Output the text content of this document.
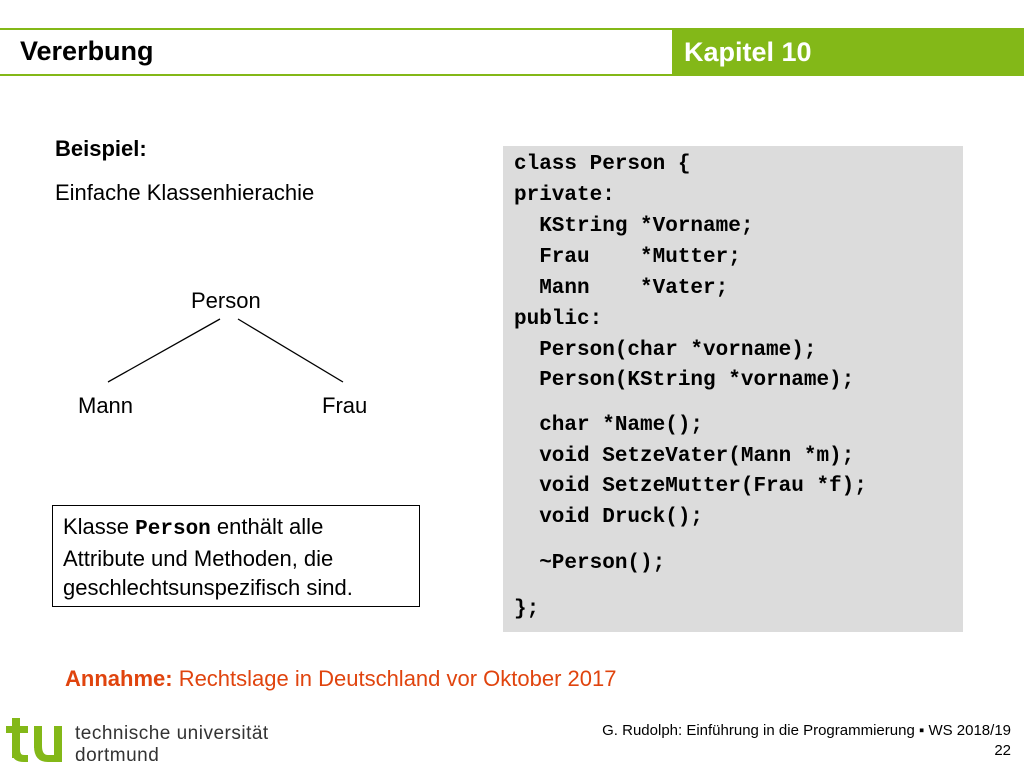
Vererbung	Kapitel 10
Beispiel:
Einfache Klassenhierachie
Person
Mann	Frau
Klasse Person enthält alle
Attribute und Methoden, die
geschlechtsunspezifisch sind.
class Person {
private:
KString *Vorname;
Frau    *Mutter;
Mann    *Vater;
public:
Person(char *vorname);
Person(KString *vorname);
char *Name();
void SetzeVater(Mann *m);
void SetzeMutter(Frau *f);
void Druck();
~Person();
};
Annahme: Rechtslage in Deutschland vor Oktober 2017
technische universität
dortmund
G. Rudolph: Einführung in die Programmierung ▪ WS 2018/19
22
